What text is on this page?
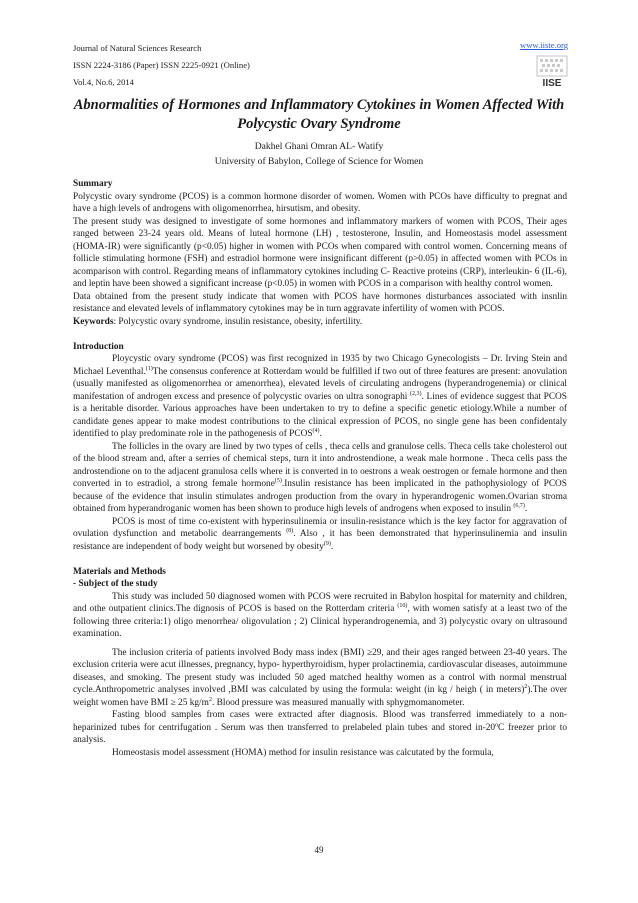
Journal of Natural Sciences Research
ISSN 2224-3186 (Paper) ISSN 2225-0921 (Online)
Vol.4, No.6, 2014
www.iiste.org
IISE
Abnormalities of Hormones and Inflammatory Cytokines in Women Affected With Polycystic Ovary Syndrome
Dakhel Ghani Omran AL- Watify
University of Babylon, College of Science for Women

Summary

Polycystic ovary syndrome (PCOS) is a common hormone disorder of women. Women with PCOs have difficulty to pregnat and have a high levels of androgens with oligomenorrhea, hirsutism, and obesity.

The present study was designed to investigate of some hormones and inflammatory markers of women with PCOS, Their ages ranged between 23-24 years old. Means of luteal hormone (LH) , testosterone, Insulin, and Homeostasis model assessment (HOMA-IR) were significantly (p<0.05) higher in women with PCOs when compared with control women. Concerning means of follicle stimulating hormone (FSH) and estradiol hormone were insignificant different (p>0.05) in affected women with PCOs in acomparison with control. Regarding means of inflammatory cytokines including C- Reactive proteins (CRP), interleukin- 6 (IL-6), and leptin have been showed a significant increase (p<0.05) in women with PCOS in a comparison with healthy control women.

Data obtained from the present study indicate that women with PCOS have hormones disturbances associated with insnlin resistance and elevated levels of inflammatory cytokines may be in turn aggravate infertility of women with PCOS.

Keywords: Polycystic ovary syndrome, insulin resistance, obesity, infertility.

Introduction

Ploycystic ovary syndrome (PCOS) was first recognized in 1935 by two Chicago Gynecologists – Dr. Irving Stein and Michael Leventhal.$^{(1)}$The consensus conference at Rotterdam would be fulfilled if two out of three features are present: anovulation (usually manifested as oligomenorrhea or amenorrhea), elevated levels of circulating androgens (hyperandrogenemia) or clinical manifestation of androgen excess and presence of polycystic ovaries on ultra sonographi $^{(2,3)}$. Lines of evidence suggest that PCOS is a heritable disorder. Various approaches have been undertaken to try to define a specific genetic etiology.While a number of candidate genes appear to make modest contributions to the clinical expression of PCOS, no single gene has been confidentaly identified to play predominate role in the pathogenesis of PCOS$^{(4)}$.

The follicles in the ovary are lined by two types of cells , theca cells and granulose cells. Theca cells take cholesterol out of the blood stream and, after a serries of chemical steps, turn it into androstendione, a weak male hormone . Theca cells pass the androstendione on to the adjacent granulosa cells where it is converted in to oestrons a weak oestrogen or female hormone and then converted in to estradiol, a strong female hormone$^{(5)}$.Insulin resistance has been implicated in the pathophysiology of PCOS because of the evidence that insulin stimulates androgen production from the ovary in hyperandrogenic women.Ovarian stroma obtained from hyperandroganic women has been shown to produce high levels of androgens when exposed to insulin $^{(6,7)}$.

PCOS is most of time co-existent with hyperinsulinemia or insulin-resistance which is the key factor for aggravation of ovulation dysfunction and metabolic dearrangements $^{(8)}$. Also , it has been demonstrated that hyperinsulinemia and insulin resistance are independent of body weight but worsened by obesity$^{(9)}$.

Materials and Methods

- Subject of the study

This study was included 50 diagnosed women with PCOS were recruited in Babylon hospital for maternity and children, and othe outpatient clinics.The dignosis of PCOS is based on the Rotterdam criteria $^{(10)}$, with women satisfy at a least two of the following three criteria:1) oligo menorrhea/ oligovulation ; 2) Clinical hyperandrogenemia, and 3) polycystic ovary on ultrasound examination.

The inclusion criteria of patients involved Body mass index (BMI) ≥29, and their ages ranged between 23-40 years. The exclusion criteria were acut illnesses, pregnancy, hypo- hyperthyroidism, hyper prolactinemia, cardiovascular diseases, autoimmune diseases, and smoking. The present study was included 50 aged matched healthy women as a control with normal menstrual cycle.Anthropometric analyses involved ,BMI was calculated by using the formula: weight (in kg / heigh ( in meters)$^2$).The over weight women have BMI ≥ 25 $kg/m^2$. Blood pressure was measured manually with sphygmomanometer.

Fasting blood samples from cases were extracted after diagnosis. Blood was transferred immediately to a non- heparinized tubes for centrifugation . Serum was then transferred to prelabeled plain tubes and stored in-20ºC freezer prior to analysis.

Homeostasis model assessment (HOMA) method for insulin resistance was calcutated by the formula,

49
